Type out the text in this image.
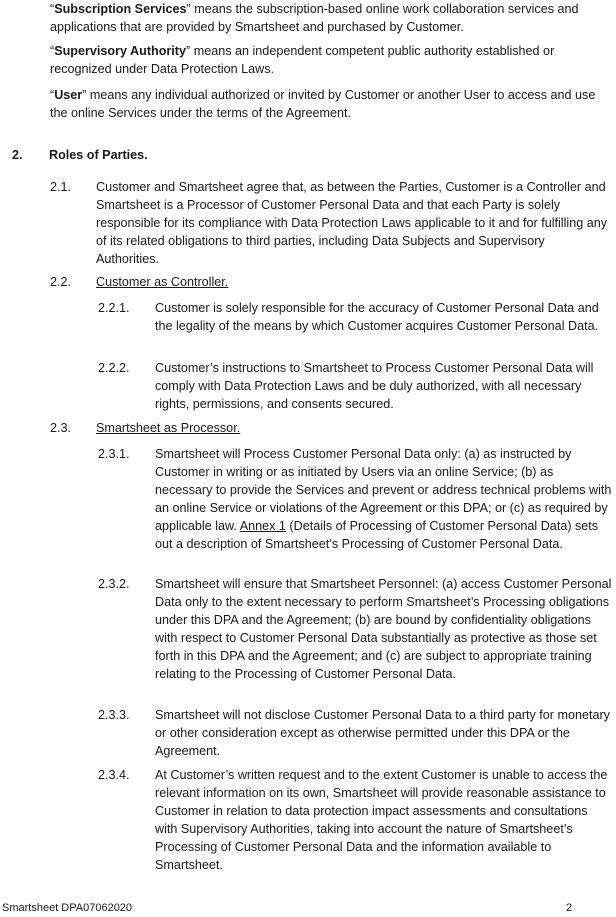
“Subscription Services” means the subscription-based online work collaboration services and applications that are provided by Smartsheet and purchased by Customer.

“Supervisory Authority” means an independent competent public authority established or recognized under Data Protection Laws.

“User” means any individual authorized or invited by Customer or another User to access and use the online Services under the terms of the Agreement.

2. Roles of Parties.
2.1. Customer and Smartsheet agree that, as between the Parties, Customer is a Controller and Smartsheet is a Processor of Customer Personal Data and that each Party is solely responsible for its compliance with Data Protection Laws applicable to it and for fulfilling any of its related obligations to third parties, including Data Subjects and Supervisory Authorities.
2.2. Customer as Controller.
2.2.1. Customer is solely responsible for the accuracy of Customer Personal Data and the legality of the means by which Customer acquires Customer Personal Data.
2.2.2. Customer’s instructions to Smartsheet to Process Customer Personal Data will comply with Data Protection Laws and be duly authorized, with all necessary rights, permissions, and consents secured.
2.3. Smartsheet as Processor.
2.3.1. Smartsheet will Process Customer Personal Data only: (a) as instructed by Customer in writing or as initiated by Users via an online Service; (b) as necessary to provide the Services and prevent or address technical problems with an online Service or violations of the Agreement or this DPA; or (c) as required by applicable law. Annex 1 (Details of Processing of Customer Personal Data) sets out a description of Smartsheet’s Processing of Customer Personal Data.
2.3.2. Smartsheet will ensure that Smartsheet Personnel: (a) access Customer Personal Data only to the extent necessary to perform Smartsheet’s Processing obligations under this DPA and the Agreement; (b) are bound by confidentiality obligations with respect to Customer Personal Data substantially as protective as those set forth in this DPA and the Agreement; and (c) are subject to appropriate training relating to the Processing of Customer Personal Data.
2.3.3. Smartsheet will not disclose Customer Personal Data to a third party for monetary or other consideration except as otherwise permitted under this DPA or the Agreement.
2.3.4. At Customer’s written request and to the extent Customer is unable to access the relevant information on its own, Smartsheet will provide reasonable assistance to Customer in relation to data protection impact assessments and consultations with Supervisory Authorities, taking into account the nature of Smartsheet’s Processing of Customer Personal Data and the information available to Smartsheet.
Smartsheet DPA07062020	2
